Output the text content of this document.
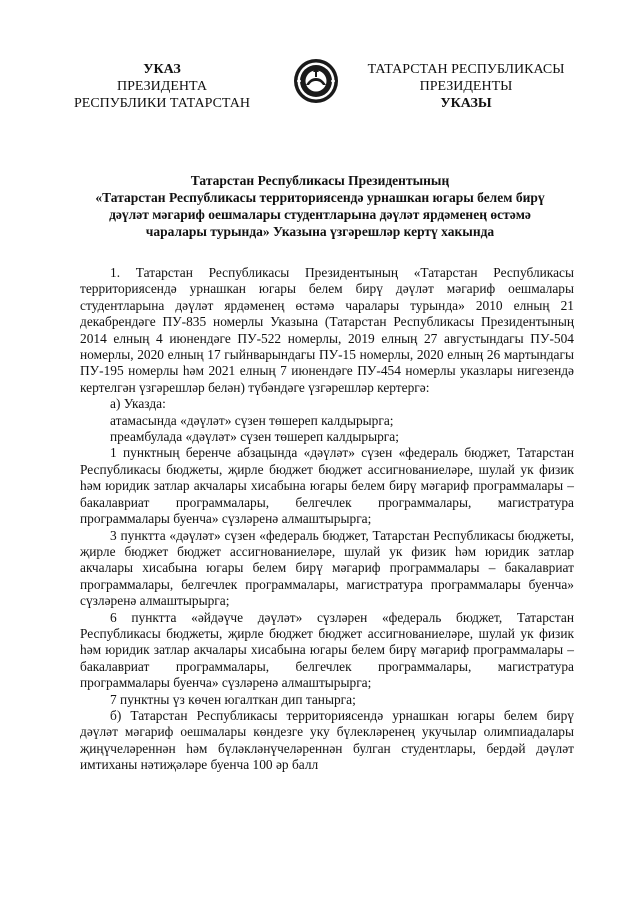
УКАЗ
ПРЕЗИДЕНТА
РЕСПУБЛИКИ ТАТАРСТАН
ТАТАРСТАН РЕСПУБЛИКАСЫ
ПРЕЗИДЕНТЫ
УКАЗЫ
Татарстан Республикасы Президентының
«Татарстан Республикасы территориясендә урнашкан югары белем бирү
дәүләт мәгариф оешмалары студентларына дәүләт ярдәменең өстәмә
чаралары турында» Указына үзгәрешләр кертү хакында

1. Татарстан Республикасы Президентының «Татарстан Республикасы территориясендә урнашкан югары белем бирү дәүләт мәгариф оешмалары студентларына дәүләт ярдәменең өстәмә чаралары турында» 2010 елның 21 декабрендәге ПУ-835 номерлы Указына (Татарстан Республикасы Президентының 2014 елның 4 июнендәге ПУ-522 номерлы, 2019 елның 27 августындагы ПУ-504 номерлы, 2020 елның 17 гыйнварындагы ПУ-15 номерлы, 2020 елның 26 мартындагы ПУ-195 номерлы һәм 2021 елның 7 июнендәге ПУ-454 номерлы указлары нигезендә кертелгән үзгәрешләр белән) түбәндәге үзгәрешләр кертергә:

а) Указда:

атамасында «дәүләт» сүзен төшереп калдырырга;

преамбулада «дәүләт» сүзен төшереп калдырырга;

1 пунктның беренче абзацында «дәүләт» сүзен «федераль бюджет, Татарстан Республикасы бюджеты, җирле бюджет бюджет ассигнованиеләре, шулай ук физик һәм юридик затлар акчалары хисабына югары белем бирү мәгариф программалары – бакалавриат программалары, белгечлек программалары, магистратура программалары буенча» сүзләренә алмаштырырга;

3 пунктта «дәүләт» сүзен «федераль бюджет, Татарстан Республикасы бюджеты, җирле бюджет бюджет ассигнованиеләре, шулай ук физик һәм юридик затлар акчалары хисабына югары белем бирү мәгариф программалары – бакалавриат программалары, белгечлек программалары, магистратура программалары буенча» сүзләренә алмаштырырга;

6 пунктта «әйдәүче дәүләт» сүзләрен «федераль бюджет, Татарстан Республикасы бюджеты, җирле бюджет бюджет ассигнованиеләре, шулай ук физик һәм юридик затлар акчалары хисабына югары белем бирү мәгариф программалары – бакалавриат программалары, белгечлек программалары, магистратура программалары буенча» сүзләренә алмаштырырга;

7 пунктны үз көчен югалткан дип танырга;

б) Татарстан Республикасы территориясендә урнашкан югары белем бирү дәүләт мәгариф оешмалары көндезге уку бүлекләренең укучылар олимпиадалары җиңүчеләреннән һәм бүләкләнүчеләреннән булган студентлары, бердәй дәүләт имтиханы нәтиҗәләре буенча 100 әр балл
